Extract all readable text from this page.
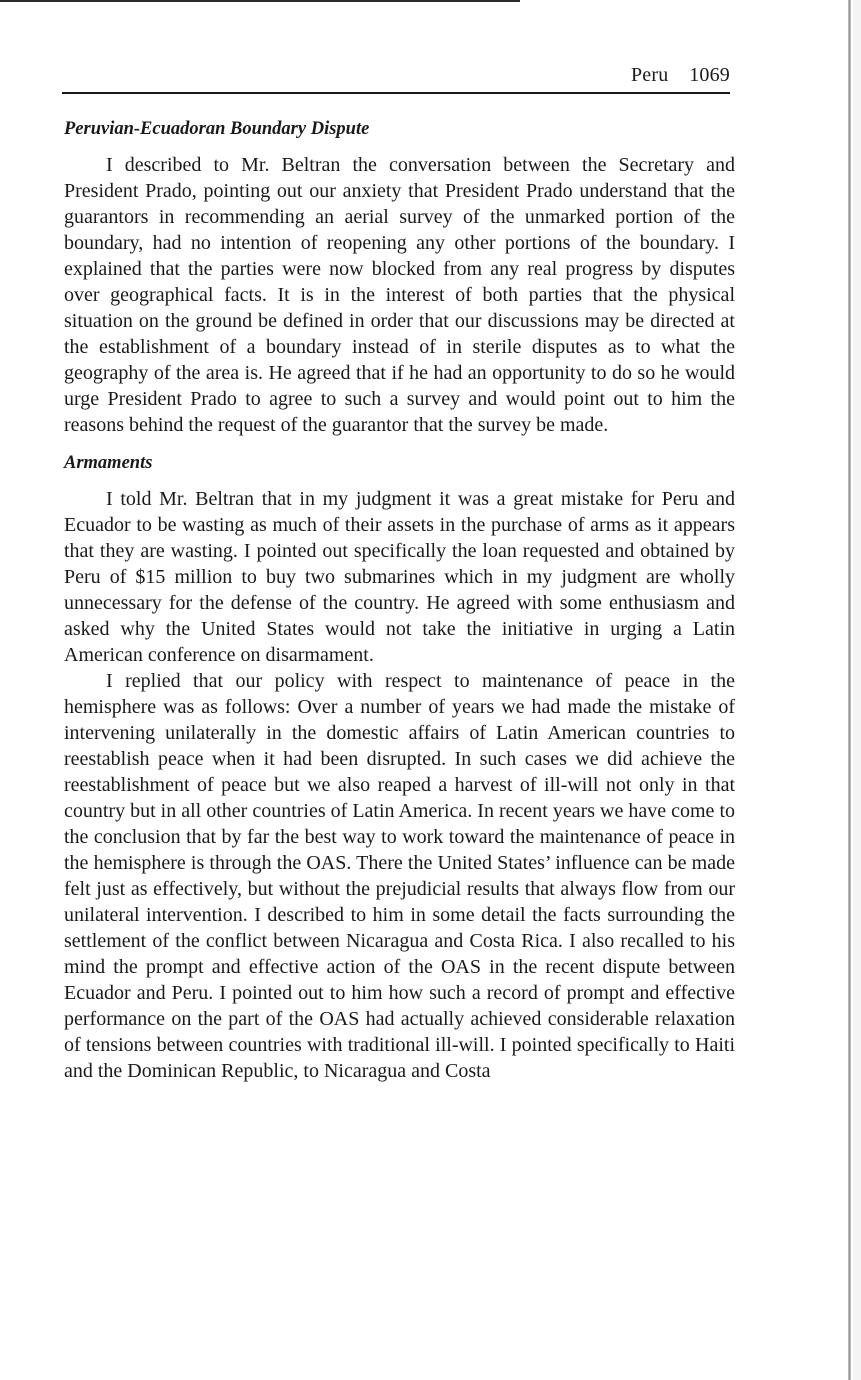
Peru    1069
Peruvian-Ecuadoran Boundary Dispute

I described to Mr. Beltran the conversation between the Secretary and President Prado, pointing out our anxiety that President Prado understand that the guarantors in recommending an aerial survey of the unmarked portion of the boundary, had no intention of reopening any other portions of the boundary. I explained that the parties were now blocked from any real progress by disputes over geographical facts. It is in the interest of both parties that the physical situation on the ground be defined in order that our discussions may be directed at the establishment of a boundary instead of in sterile disputes as to what the geography of the area is. He agreed that if he had an opportunity to do so he would urge President Prado to agree to such a survey and would point out to him the reasons behind the request of the guarantor that the survey be made.

Armaments

I told Mr. Beltran that in my judgment it was a great mistake for Peru and Ecuador to be wasting as much of their assets in the purchase of arms as it appears that they are wasting. I pointed out specifically the loan requested and obtained by Peru of $15 million to buy two submarines which in my judgment are wholly unnecessary for the defense of the country. He agreed with some enthusiasm and asked why the United States would not take the initiative in urging a Latin American conference on disarmament.

I replied that our policy with respect to maintenance of peace in the hemisphere was as follows: Over a number of years we had made the mistake of intervening unilaterally in the domestic affairs of Latin American countries to reestablish peace when it had been disrupted. In such cases we did achieve the reestablishment of peace but we also reaped a harvest of ill-will not only in that country but in all other countries of Latin America. In recent years we have come to the conclusion that by far the best way to work toward the maintenance of peace in the hemisphere is through the OAS. There the United States’ influence can be made felt just as effectively, but without the prejudicial results that always flow from our unilateral intervention. I described to him in some detail the facts surrounding the settlement of the conflict between Nicaragua and Costa Rica. I also recalled to his mind the prompt and effective action of the OAS in the recent dispute between Ecuador and Peru. I pointed out to him how such a record of prompt and effective performance on the part of the OAS had actually achieved considerable relaxation of tensions between countries with traditional ill-will. I pointed specifically to Haiti and the Dominican Republic, to Nicaragua and Costa
